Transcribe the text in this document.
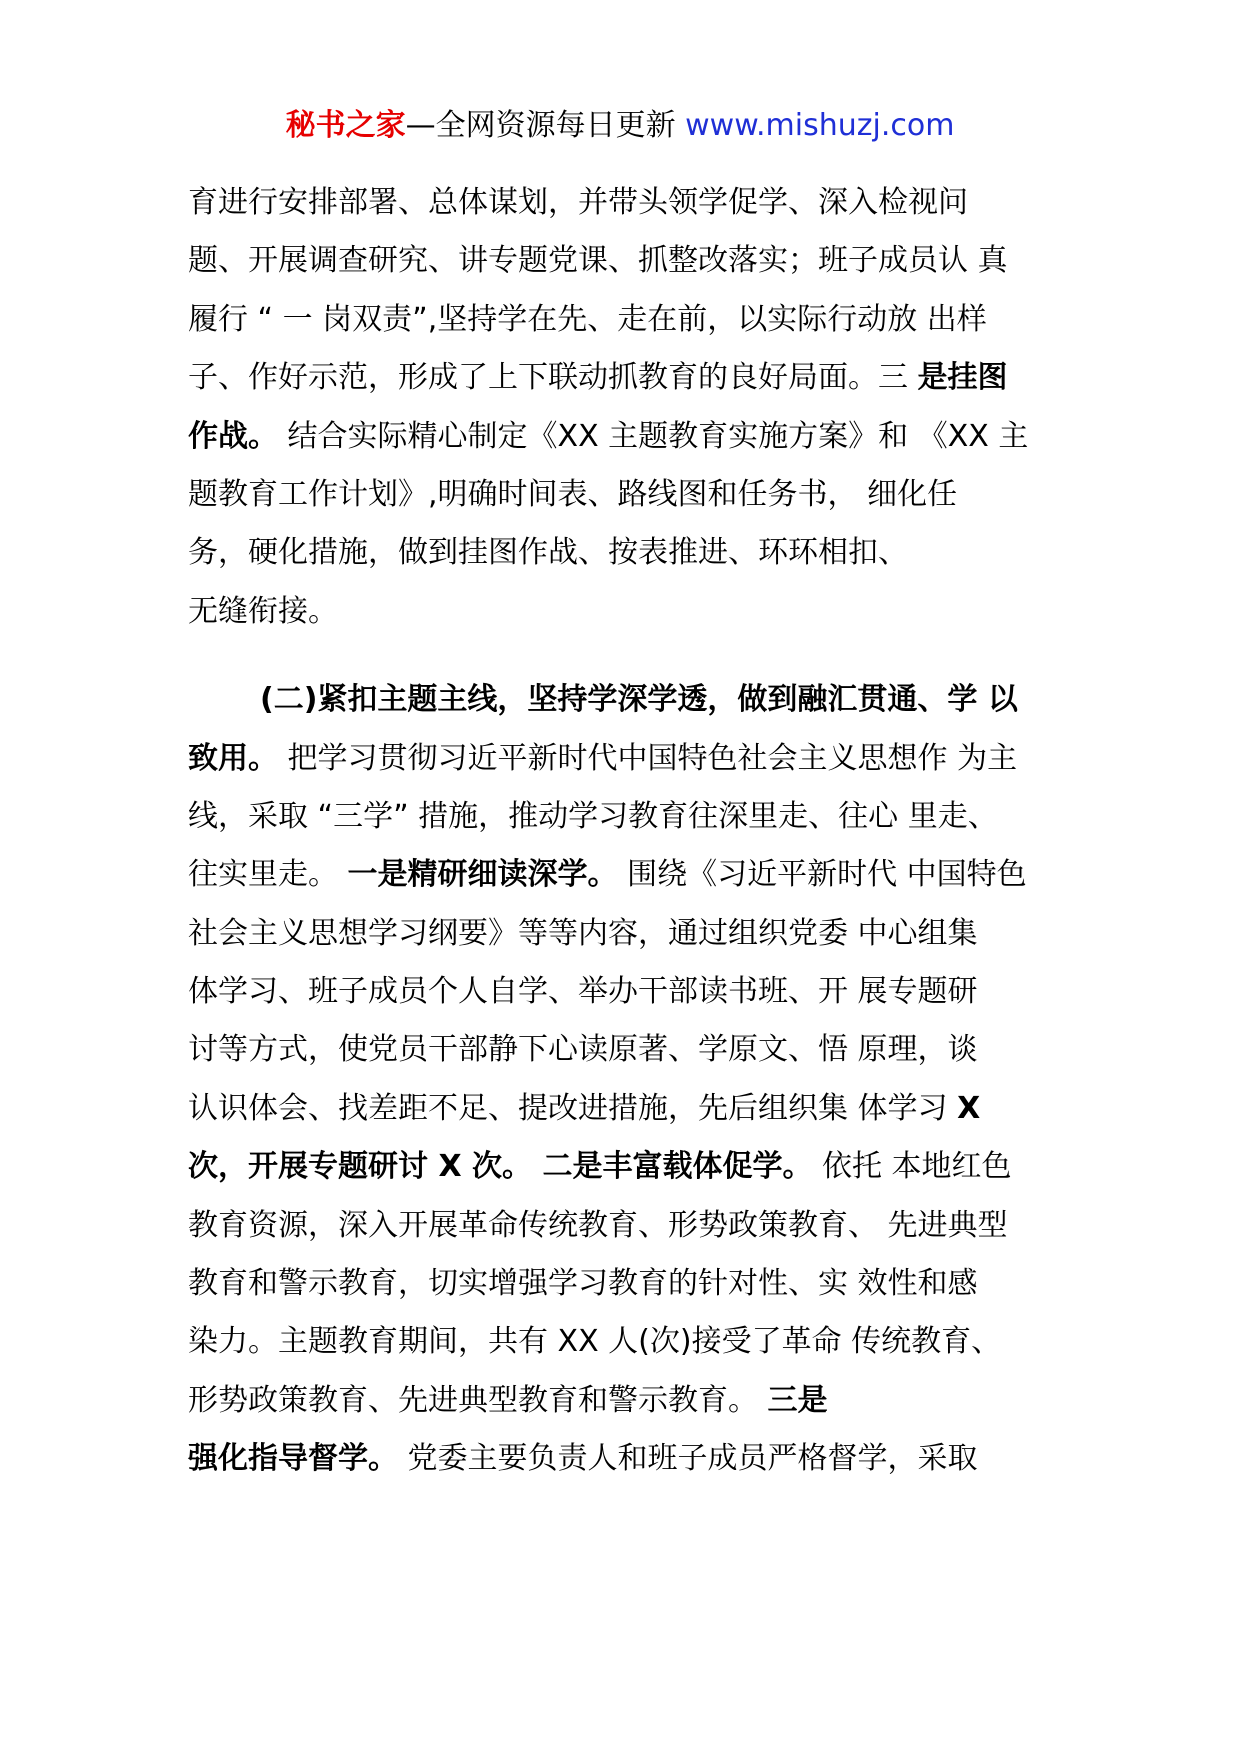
秘书之家—全网资源每日更新 www.mishuzj.com
育进行安排部署、总体谋划，并带头领学促学、深入检视问
题、开展调查研究、讲专题党课、抓整改落实；班子成员认 真
履行 “ 一 岗双责”,坚持学在先、走在前，以实际行动放 出样
子、作好示范，形成了上下联动抓教育的良好局面。三 是挂图
作战。 结合实际精心制定《XX 主题教育实施方案》和 《XX 主
题教育工作计划》,明确时间表、路线图和任务书， 细化任
务，硬化措施，做到挂图作战、按表推进、环环相扣、
无缝衔接。
(二)紧扣主题主线，坚持学深学透，做到融汇贯通、学 以
致用。 把学习贯彻习近平新时代中国特色社会主义思想作 为主
线，采取 “三学” 措施，推动学习教育往深里走、往心 里走、
往实里走。 一是精研细读深学。 围绕《习近平新时代 中国特色
社会主义思想学习纲要》等等内容，通过组织党委 中心组集
体学习、班子成员个人自学、举办干部读书班、开 展专题研
讨等方式，使党员干部静下心读原著、学原文、悟 原理，谈
认识体会、找差距不足、提改进措施，先后组织集 体学习 X
次，开展专题研讨 X 次。 二是丰富载体促学。 依托 本地红色
教育资源，深入开展革命传统教育、形势政策教育、 先进典型
教育和警示教育，切实增强学习教育的针对性、实 效性和感
染力。主题教育期间，共有 XX 人(次)接受了革命 传统教育、
形势政策教育、先进典型教育和警示教育。 三是
强化指导督学。 党委主要负责人和班子成员严格督学，采取
